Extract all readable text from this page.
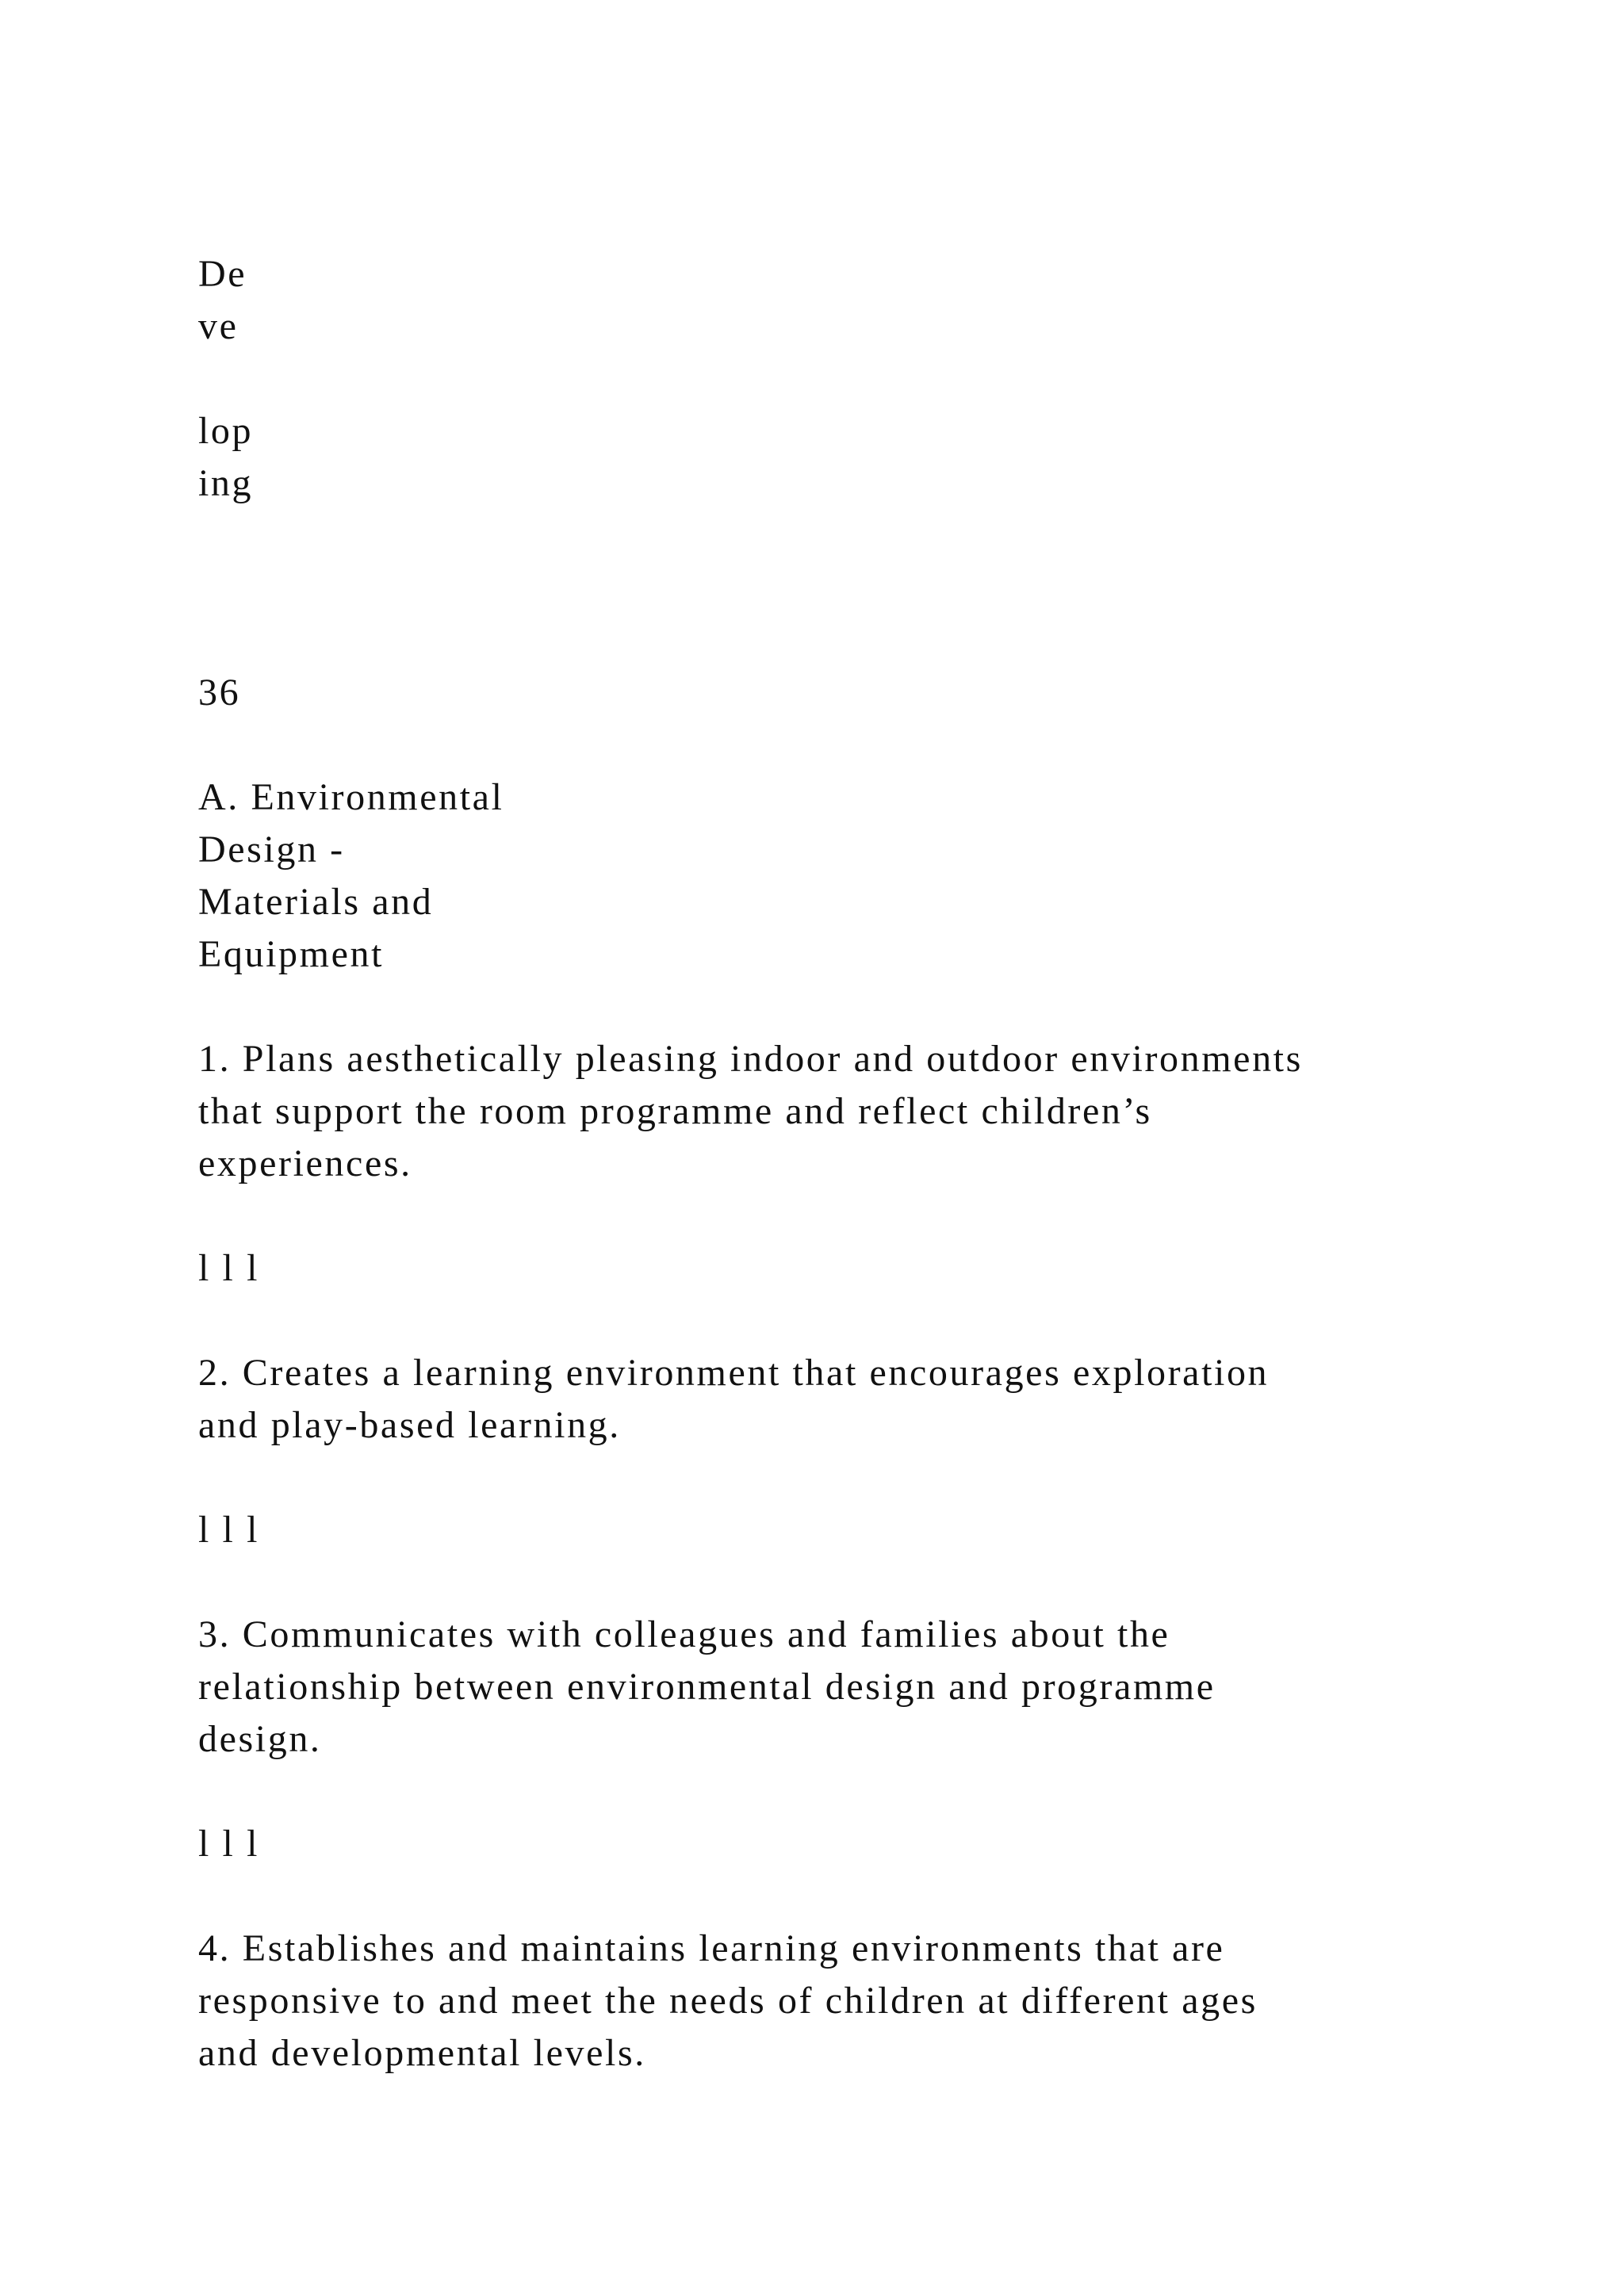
De

ve

lop

ing

36

A. Environmental

Design -

Materials and

Equipment

1. Plans aesthetically pleasing indoor and outdoor environments

that support the room programme and reflect children’s

experiences.

l l l

2. Creates a learning environment that encourages exploration

and play-based learning.

l l l

3. Communicates with colleagues and families about the

relationship between environmental design and programme

design.

l l l

4. Establishes and maintains learning environments that are

responsive to and meet the needs of children at different ages

and developmental levels.
